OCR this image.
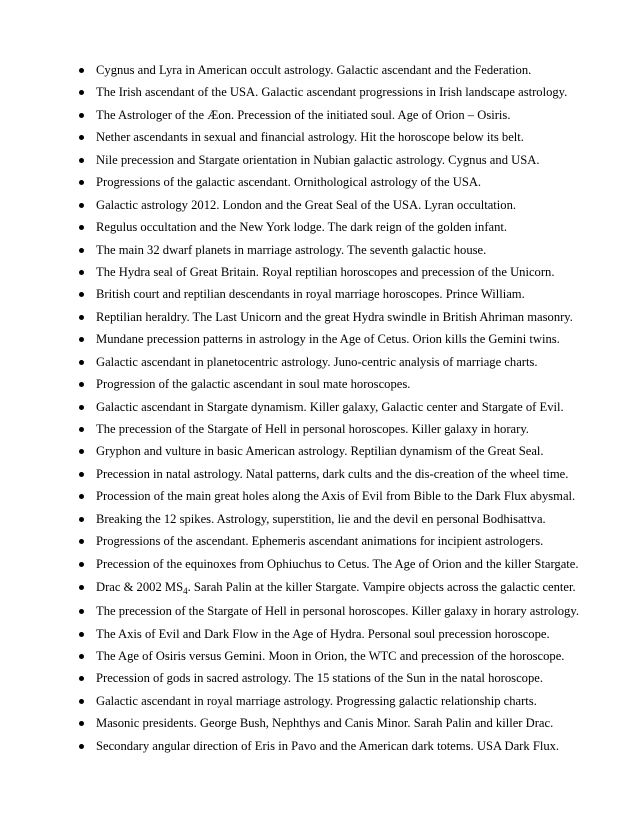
Cygnus and Lyra in American occult astrology. Galactic ascendant and the Federation.
The Irish ascendant of the USA. Galactic ascendant progressions in Irish landscape astrology.
The Astrologer of the Æon. Precession of the initiated soul. Age of Orion – Osiris.
Nether ascendants in sexual and financial astrology. Hit the horoscope below its belt.
Nile precession and Stargate orientation in Nubian galactic astrology. Cygnus and USA.
Progressions of the galactic ascendant. Ornithological astrology of the USA.
Galactic astrology 2012. London and the Great Seal of the USA. Lyran occultation.
Regulus occultation and the New York lodge. The dark reign of the golden infant.
The main 32 dwarf planets in marriage astrology. The seventh galactic house.
The Hydra seal of Great Britain. Royal reptilian horoscopes and precession of the Unicorn.
British court and reptilian descendants in royal marriage horoscopes. Prince William.
Reptilian heraldry. The Last Unicorn and the great Hydra swindle in British Ahriman masonry.
Mundane precession patterns in astrology in the Age of Cetus. Orion kills the Gemini twins.
Galactic ascendant in planetocentric astrology. Juno-centric analysis of marriage charts.
Progression of the galactic ascendant in soul mate horoscopes.
Galactic ascendant in Stargate dynamism. Killer galaxy, Galactic center and Stargate of Evil.
The precession of the Stargate of Hell in personal horoscopes. Killer galaxy in horary.
Gryphon and vulture in basic American astrology. Reptilian dynamism of the Great Seal.
Precession in natal astrology. Natal patterns, dark cults and the dis-creation of the wheel time.
Procession of the main great holes along the Axis of Evil from Bible to the Dark Flux abysmal.
Breaking the 12 spikes. Astrology, superstition, lie and the devil en personal Bodhisattva.
Progressions of the ascendant. Ephemeris ascendant animations for incipient astrologers.
Precession of the equinoxes from Ophiuchus to Cetus. The Age of Orion and the killer Stargate.
Drac & 2002 $MS_4$. Sarah Palin at the killer Stargate. Vampire objects across the galactic center.
The precession of the Stargate of Hell in personal horoscopes. Killer galaxy in horary astrology.
The Axis of Evil and Dark Flow in the Age of Hydra. Personal soul precession horoscope.
The Age of Osiris versus Gemini. Moon in Orion, the WTC and precession of the horoscope.
Precession of gods in sacred astrology. The 15 stations of the Sun in the natal horoscope.
Galactic ascendant in royal marriage astrology. Progressing galactic relationship charts.
Masonic presidents. George Bush, Nephthys and Canis Minor. Sarah Palin and killer Drac.
Secondary angular direction of Eris in Pavo and the American dark totems. USA Dark Flux.
